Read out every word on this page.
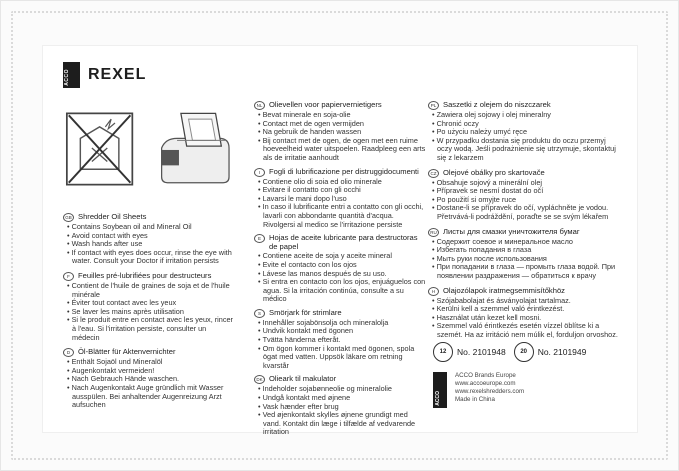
ACCO REXEL
GB Shredder Oil Sheets
• Contains Soybean oil and Mineral Oil
• Avoid contact with eyes
• Wash hands after use
• If contact with eyes does occur, rinse the eye with water. Consult your Doctor if irritation persists
F	Feuilles pré-lubrifiées pour destructeurs
• Contient de l'huile de graines de soja et de l'huile minérale
• Éviter tout contact avec les yeux
• Se laver les mains après utilisation
• Si le produit entre en contact avec les yeux, rincer à l'eau. Si l'irritation persiste, consulter un médecin
D	Öl-Blätter für Aktenvernichter
• Enthält Sojaöl und Mineralöl
• Augenkontakt vermeiden!
• Nach Gebrauch Hände waschen.
• Nach Augenkontakt Auge gründlich mit Wasser ausspülen. Bei anhaltender Augenreizung Arzt aufsuchen
NL Olievellen voor papiervernietigers
• Bevat minerale en soja-olie
• Contact met de ogen vermijden
• Na gebruik de handen wassen
• Bij contact met de ogen, de ogen met een ruime hoeveelheid water uitspoelen. Raadpleeg een arts als de irritatie aanhoudt
I	Fogli di lubrificazione per distruggidocumenti
• Contiene olio di soia ed olio minerale
• Evitare il contatto con gli occhi
• Lavarsi le mani dopo l'uso
• In caso il lubrificante entri a contatto con gli occhi, lavarli con abbondante quantità d'acqua. Rivolgersi al medico se l'irritazione persiste
E	Hojas de aceite lubricante para destructoras de papel
• Contiene aceite de soja y aceite mineral
• Evite el contacto con los ojos
• Lávese las manos después de su uso.
• Si entra en contacto con los ojos, enjuáguelos con agua. Si la irritación continúa, consulte a su médico
S	Smörjark för strimlare
• Innehåller sojabönsolja och mineralolja
• Undvik kontakt med ögonen
• Tvätta händerna efteråt.
• Om ögon kommer i kontakt med ögonen, spola ögat med vatten. Uppsök läkare om retning kvarstår
DK Olieark til makulator
• Indeholder sojabønneolie og mineralolie
• Undgå kontakt med øjnene
• Vask hænder efter brug
• Ved øjenkontakt skylles øjnene grundigt med vand. Kontakt din læge i tilfælde af vedvarende irritation
PL Saszetki z olejem do niszczarek
• Zawiera olej sojowy i olej mineralny
• Chronić oczy
• Po użyciu należy umyć ręce
• W przypadku dostania się produktu do oczu przemyj oczy wodą. Jeśli podrażnienie się utrzymuje, skontaktuj się z lekarzem
CZ Olejové obálky pro skartovače
• Obsahuje sojový a minerální olej
• Přípravek se nesmí dostat do očí
• Po použití si omyjte ruce
• Dostane-li se přípravek do očí, vypláchněte je vodou. Přetrvává-li podráždění, poraďte se se svým lékařem
RU Листы для смазки уничтожителя бумаг
• Содержит соевое и минеральное масло
• Избегать попадания в глаза
• Мыть руки после использования
• При попадании в глаза — промыть глаза водой. При появлении раздражения — обратиться к врачу
H	Olajozólapok iratmegsemmisítőkhöz
• Szójababolajat és ásványolajat tartalmaz.
• Kerülni kell a szemmel való érintkezést.
• Használat után kezet kell mosni.
• Szemmel való érintkezés esetén vízzel öblítse ki a szemét. Ha az irritáció nem múlik el, forduljon orvoshoz.
12	No. 2101948	20	No. 2101949
ACCO
ACCO Brands Europe
www.accoeurope.com
www.rexelshredders.com
Made in China
